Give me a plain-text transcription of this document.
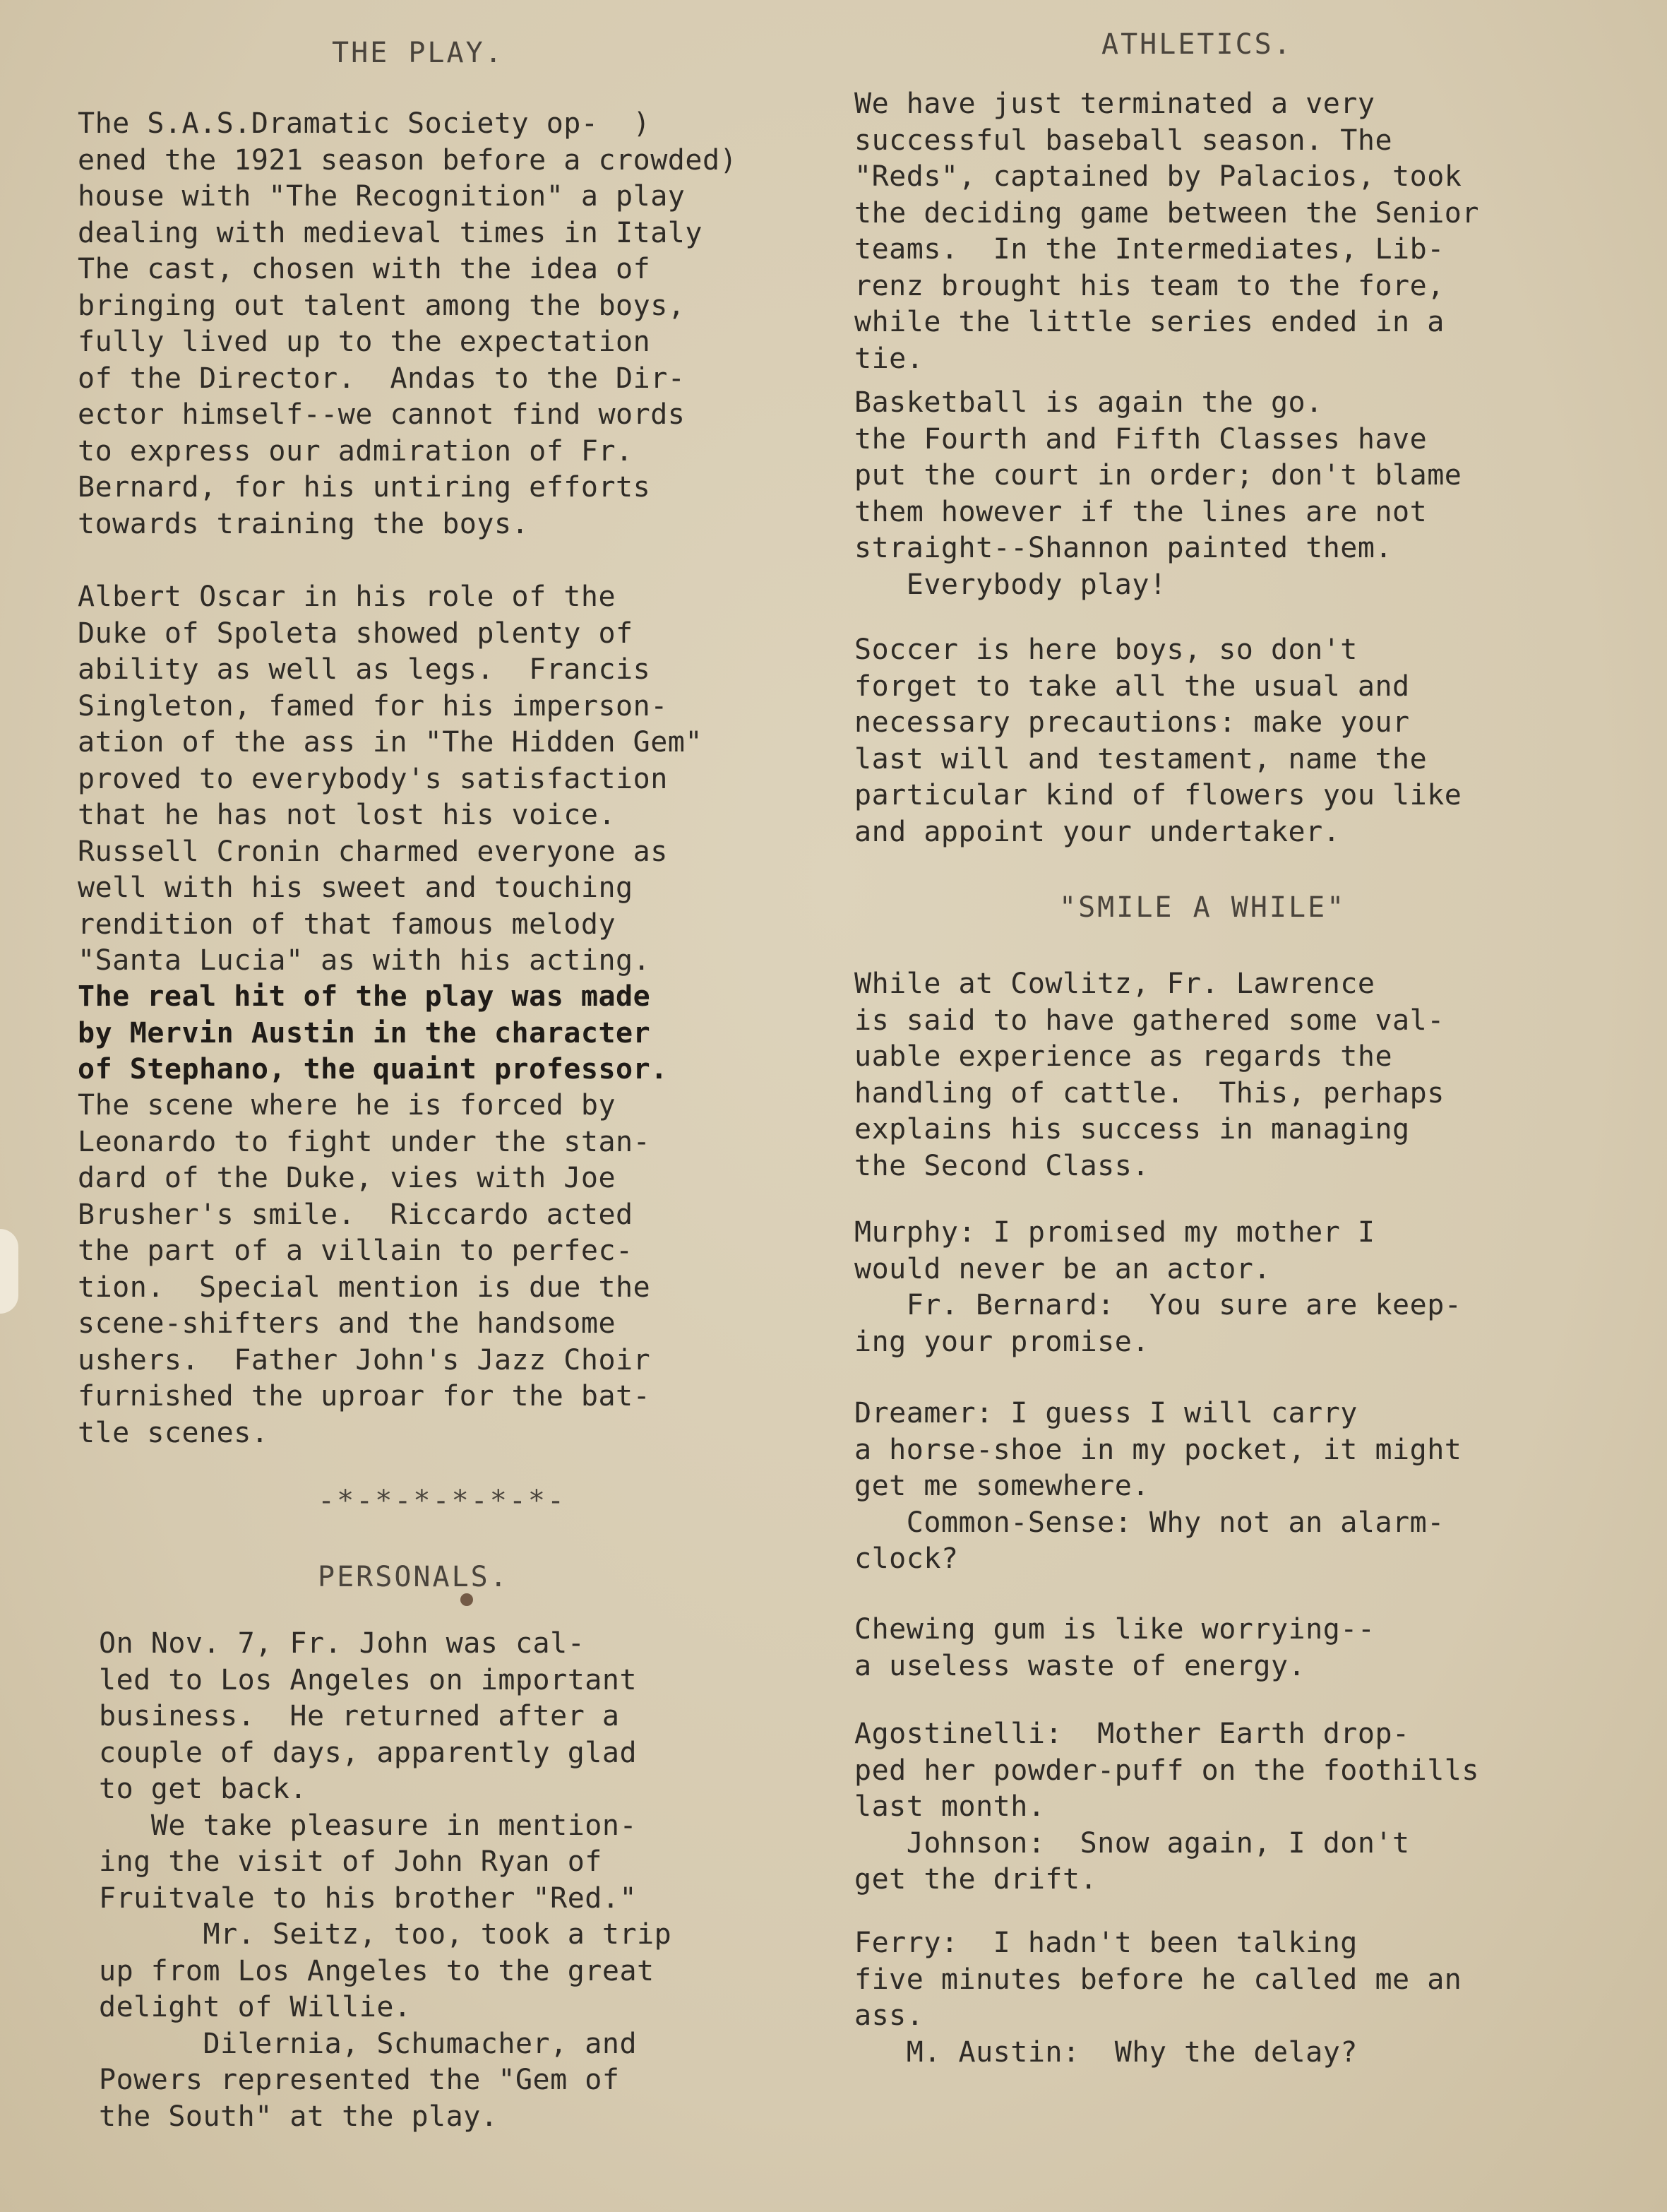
THE PLAY.

The S.A.S.Dramatic Society op-  )
ened the 1921 season before a crowded)
house with "The Recognition" a play
dealing with medieval times in Italy
The cast, chosen with the idea of
bringing out talent among the boys,
fully lived up to the expectation
of the Director.  Andas to the Dir-
ector himself--we cannot find words
to express our admiration of Fr.
Bernard, for his untiring efforts
towards training the boys.

Albert Oscar in his role of the
Duke of Spoleta showed plenty of
ability as well as legs.  Francis
Singleton, famed for his imperson-
ation of the ass in "The Hidden Gem"
proved to everybody's satisfaction
that he has not lost his voice.
Russell Cronin charmed everyone as
well with his sweet and touching
rendition of that famous melody
"Santa Lucia" as with his acting.

The real hit of the play was made
by Mervin Austin in the character
of Stephano, the quaint professor.

The scene where he is forced by
Leonardo to fight under the stan-
dard of the Duke, vies with Joe
Brusher's smile.  Riccardo acted
the part of a villain to perfec-
tion.  Special mention is due the
scene-shifters and the handsome
ushers.  Father John's Jazz Choir
furnished the uproar for the bat-
tle scenes.

-*-*-*-*-*-*-
PERSONALS.

On Nov. 7, Fr. John was cal-
led to Los Angeles on important
business.  He returned after a
couple of days, apparently glad
to get back.
We take pleasure in mention-
ing the visit of John Ryan of
Fruitvale to his brother "Red."
Mr. Seitz, too, took a trip
up from Los Angeles to the great
delight of Willie.
Dilernia, Schumacher, and
Powers represented the "Gem of
the South" at the play.

ATHLETICS.

We have just terminated a very
successful baseball season. The
"Reds", captained by Palacios, took
the deciding game between the Senior
teams.  In the Intermediates, Lib-
renz brought his team to the fore,
while the little series ended in a
tie.

Basketball is again the go.
the Fourth and Fifth Classes have
put the court in order; don't blame
them however if the lines are not
straight--Shannon painted them.
Everybody play!

Soccer is here boys, so don't
forget to take all the usual and
necessary precautions: make your
last will and testament, name the
particular kind of flowers you like
and appoint your undertaker.

"SMILE A WHILE"

While at Cowlitz, Fr. Lawrence
is said to have gathered some val-
uable experience as regards the
handling of cattle.  This, perhaps
explains his success in managing
the Second Class.

Murphy: I promised my mother I
would never be an actor.
Fr. Bernard:  You sure are keep-
ing your promise.

Dreamer: I guess I will carry
a horse-shoe in my pocket, it might
get me somewhere.
Common-Sense: Why not an alarm-
clock?

Chewing gum is like worrying--
a useless waste of energy.

Agostinelli:  Mother Earth drop-
ped her powder-puff on the foothills
last month.
Johnson:  Snow again, I don't
get the drift.

Ferry:  I hadn't been talking
five minutes before he called me an
ass.
M. Austin:  Why the delay?
